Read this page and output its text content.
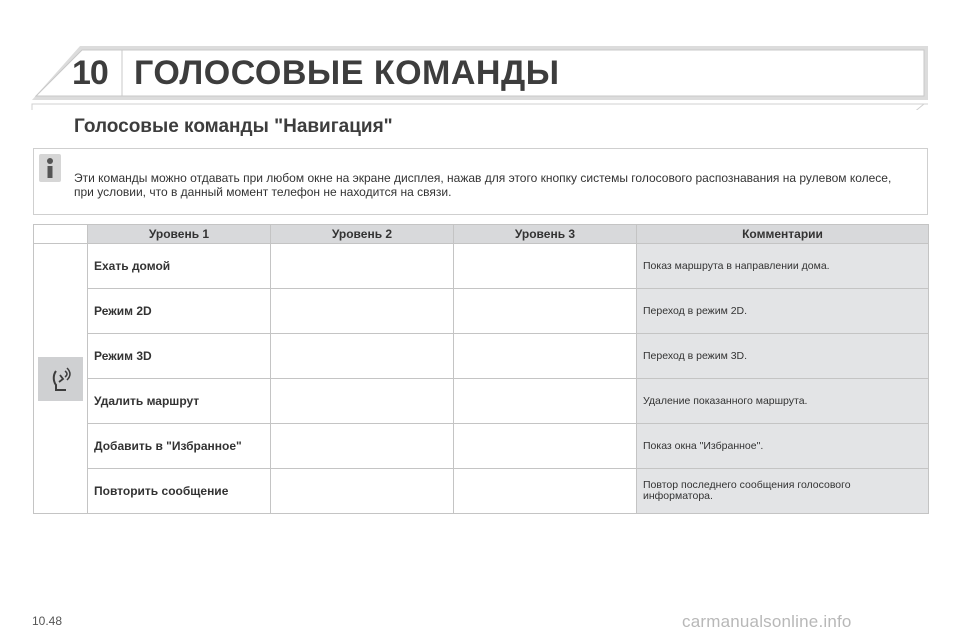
10 ГОЛОСОВЫЕ КОМАНДЫ
Голосовые команды "Навигация"
Эти команды можно отдавать при любом окне на экране дисплея, нажав для этого кнопку системы голосового распознавания на рулевом колесе, при условии, что в данный момент телефон не находится на связи.
	Уровень 1	Уровень 2	Уровень 3	Комментарии

	Ехать домой			Показ маршрута в направлении дома.
	Режим 2D			Переход в режим 2D.
	Режим 3D			Переход в режим 3D.
	Удалить маршрут			Удаление показанного маршрута.
	Добавить в "Избранное"			Показ окна "Избранное".
	Повторить сообщение			Повтор последнего сообщения голосового информатора.
10.48	carmanualsonline.info
